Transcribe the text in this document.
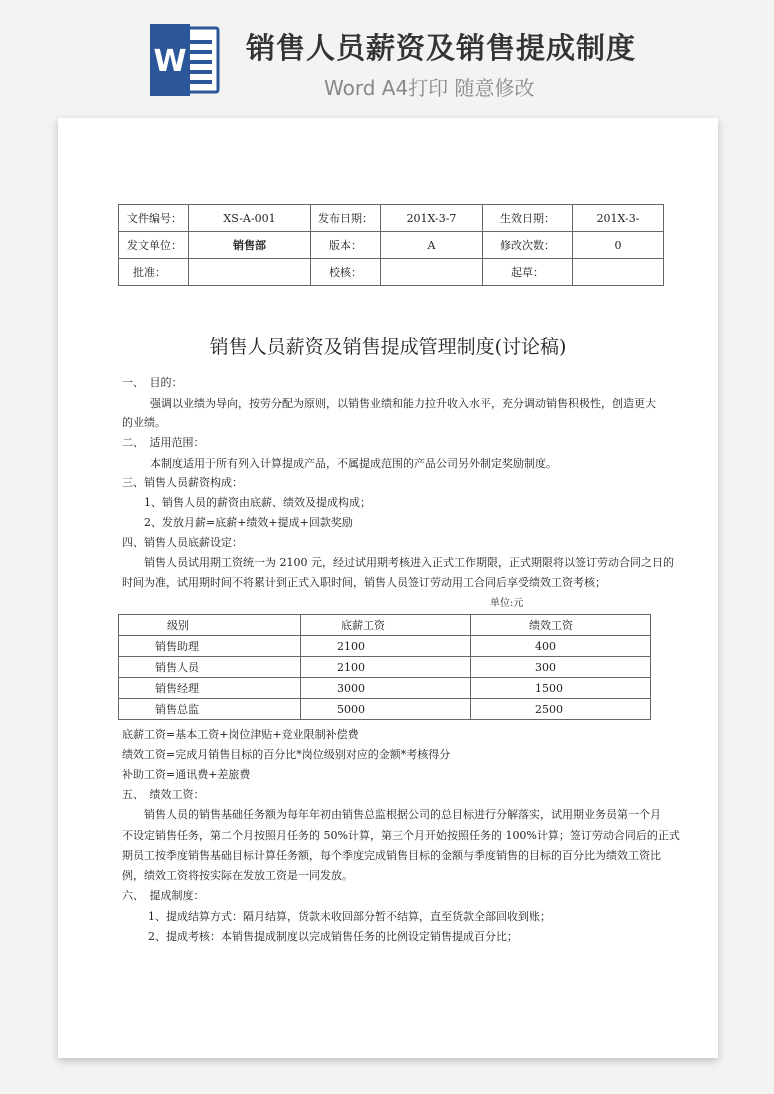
W 销售人员薪资及销售提成制度
Word A4打印 随意修改
文件编号：	XS-A-001	发布日期：	201X-3-7	生效日期：	201X-3-
发文单位：	销售部	版本：	A	修改次数：	0
批准：		校核：		起草：	
销售人员薪资及销售提成管理制度(讨论稿)
一、　目的：
强调以业绩为导向，按劳分配为原则，以销售业绩和能力拉升收入水平，充分调动销售积极性，创造更大
的业绩。
二、　适用范围：
本制度适用于所有列入计算提成产品，不属提成范围的产品公司另外制定奖励制度。
三、销售人员薪资构成：
1、销售人员的薪资由底薪、绩效及提成构成；
2、发放月薪=底薪+绩效+提成+回款奖励
四、销售人员底薪设定：
销售人员试用期工资统一为 2100 元，经过试用期考核进入正式工作期限，正式期限将以签订劳动合同之日的
时间为准，试用期时间不将累计到正式入职时间，销售人员签订劳动用工合同后享受绩效工资考核；
单位:元
级别	底薪工资	绩效工资
销售助理	2100	400
销售人员	2100	300
销售经理	3000	1500
销售总监	5000	2500
底薪工资=基本工资+岗位津贴+竞业限制补偿费
绩效工资=完成月销售目标的百分比*岗位级别对应的金额*考核得分
补助工资=通讯费+差旅费
五、　绩效工资：
销售人员的销售基础任务额为每年年初由销售总监根据公司的总目标进行分解落实，试用期业务员第一个月
不设定销售任务，第二个月按照月任务的 50%计算，第三个月开始按照任务的 100%计算；签订劳动合同后的正式
期员工按季度销售基础目标计算任务额，每个季度完成销售目标的金额与季度销售的目标的百分比为绩效工资比
例，绩效工资将按实际在发放工资是一同发放。
六、　提成制度：
1、提成结算方式：隔月结算，货款未收回部分暂不结算，直至货款全部回收到账；
2、提成考核：本销售提成制度以完成销售任务的比例设定销售提成百分比；
